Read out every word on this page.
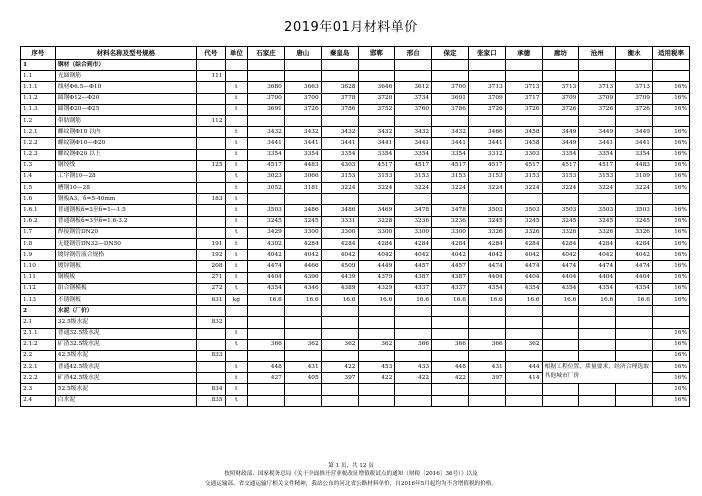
2019年01月材料单价
序号	材料名称及型号规格	代号	单位	石家庄	唐山	秦皇岛	邯郸	邢台	保定	张家口	承德	廊坊	沧州	衡水	适用税率
1	钢材（综合到市）														
1.1	光圆钢筋	111													
1.1.1	线材Φ6.5—Φ10		t	3680	3663	3628	3646	3612	3700	3713	3713	3713	3713	3713	16%
1.1.2	圆钢Φ12—Φ20		t	3700	3700	3778	3720	3734	3691	3709	3717	3709	3709	3709	16%
1.1.3	圆钢Φ20—Φ25		t	3691	3726	3786	3752	3760	3786	3726	3726	3726	3726	3726	16%
1.2	带肋钢筋	112													
1.2.1	螺纹钢Φ10 以内		t	3432	3432	3432	3432	3432	3432	3466	3458	3449	3449	3449	16%
1.2.2	螺纹钢Φ10—Φ20		t	3441	3441	3441	3441	3441	3441	3441	3458	3449	3441	3441	16%
1.2.3	螺纹钢Φ20 以上		t	3354	3354	3354	3354	3354	3354	3312	3303	3354	3354	3354	16%
1.3	钢绞线	125	t	4517	4483	4303	4517	4517	4517	4517	4517	4517	4517	4483	16%
1.4	工字钢10—28		t	3023	3066	3153	3153	3153	3153	3153	3153	3153	3153	3109	16%
1.5	槽钢10—28		t	3052	3181	3224	3224	3224	3224	3224	3224	3224	3224	3224	16%
1.6	钢板A3，δ=5-40mm	183	t												
1.6.1	普通钢板δ=3至δ=1—1.5		t	3503	3486	3486	3469	3478	3478	3503	3503	3503	3503	3503	16%
1.6.2	普通钢板δ=3至δ=1.6-3.2		t	3245	3245	3331	3228	3236	3236	3245	3245	3245	3245	3245	16%
1.7	焊接钢管DN20		t	3429	3300	3300	3300	3300	3300	3326	3326	3326	3326	3326	16%
1.8	无缝钢管DN32—DN50	191	t	4302	4284	4284	4284	4284	4284	4284	4284	4284	4284	4284	16%
1.9	镀锌钢管液合规格	192	t	4042	4042	4042	4042	4042	4042	4042	4042	4042	4042	4042	16%
1.10	镀锌钢板	208	t	4474	4466	4509	4449	4457	4457	4474	4474	4474	4474	4474	16%
1.11	钢模板	271	t	4404	4396	4439	4379	4387	4387	4404	4404	4404	4404	4404	16%
1.12	组合钢模板	272	t	4354	4346	4389	4329	4337	4337	4354	4354	4354	4354	4354	16%
1.13	不锈钢板	631	kg	16.6	16.6	16.6	16.6	16.6	16.6	16.6	16.6	16.6	16.6	16.6	16%
2	水泥（厂价）														
2.1	32.5级水泥	832													
2.1.1	普通32.5级水泥		t												16%
2.1.2	矿渣32.5级水泥		t	366	362	362	362	366	366	366	362				16%
2.2	42.5级水泥	833													16%
2.2.1	普通42.5级水泥		t	448	431	422	453	433	448	431	444	根据工程位置、质量要求，经济合理选取其他城市厂价			16%
2.2.2	矿渣42.5级水泥		t	427	405	397	422	422	422	397	414				16%
2.3	52.5级水泥	834	t												16%
2.4	白水泥	835	t												16%
第 1 页，共 12 页
按照财政部、国家税务总局《关于全面推开营业税改征增值税试点的通知（财税〔2016〕36号）》以及
交通运输部、省交通运输厅相关文件精神，我站公布的河北省公路材料单价，自2016年5月起均为不含增值税的价格。
